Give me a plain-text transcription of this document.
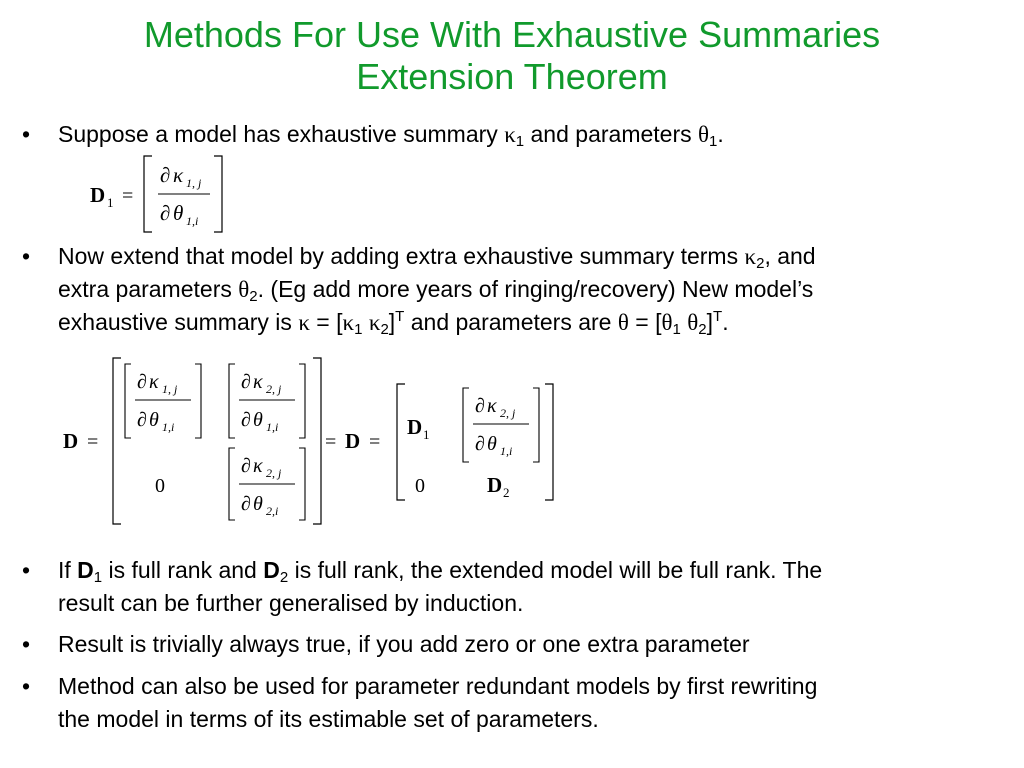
Methods For Use With Exhaustive Summaries
Extension Theorem
• Suppose a model has exhaustive summary $\kappa_1$ and parameters $\theta_1$.
D 1 =
∂ κ 1, j
∂ θ 1,i
• Now extend that model by adding extra exhaustive summary terms $\kappa_2$, and
extra parameters $\theta_2$. (Eg add more years of ringing/recovery) New model’s
exhaustive summary is $\kappa = [\kappa_1$ $\kappa_2]^T$ and parameters are $\theta = [\theta_1$ $\theta_2]^T$.
D =
∂ κ 1, j
∂ θ 1,i
∂ κ 2, j
∂ θ 1,i
0
∂ κ 2, j
∂ θ 2,i
= D =
D 1
∂ κ 2, j
∂ θ 1,i
0	D 2
• If $D_1$ is full rank and $D_2$ is full rank, the extended model will be full rank. The
result can be further generalised by induction.
• Result is trivially always true, if you add zero or one extra parameter
• Method can also be used for parameter redundant models by first rewriting
the model in terms of its estimable set of parameters.
